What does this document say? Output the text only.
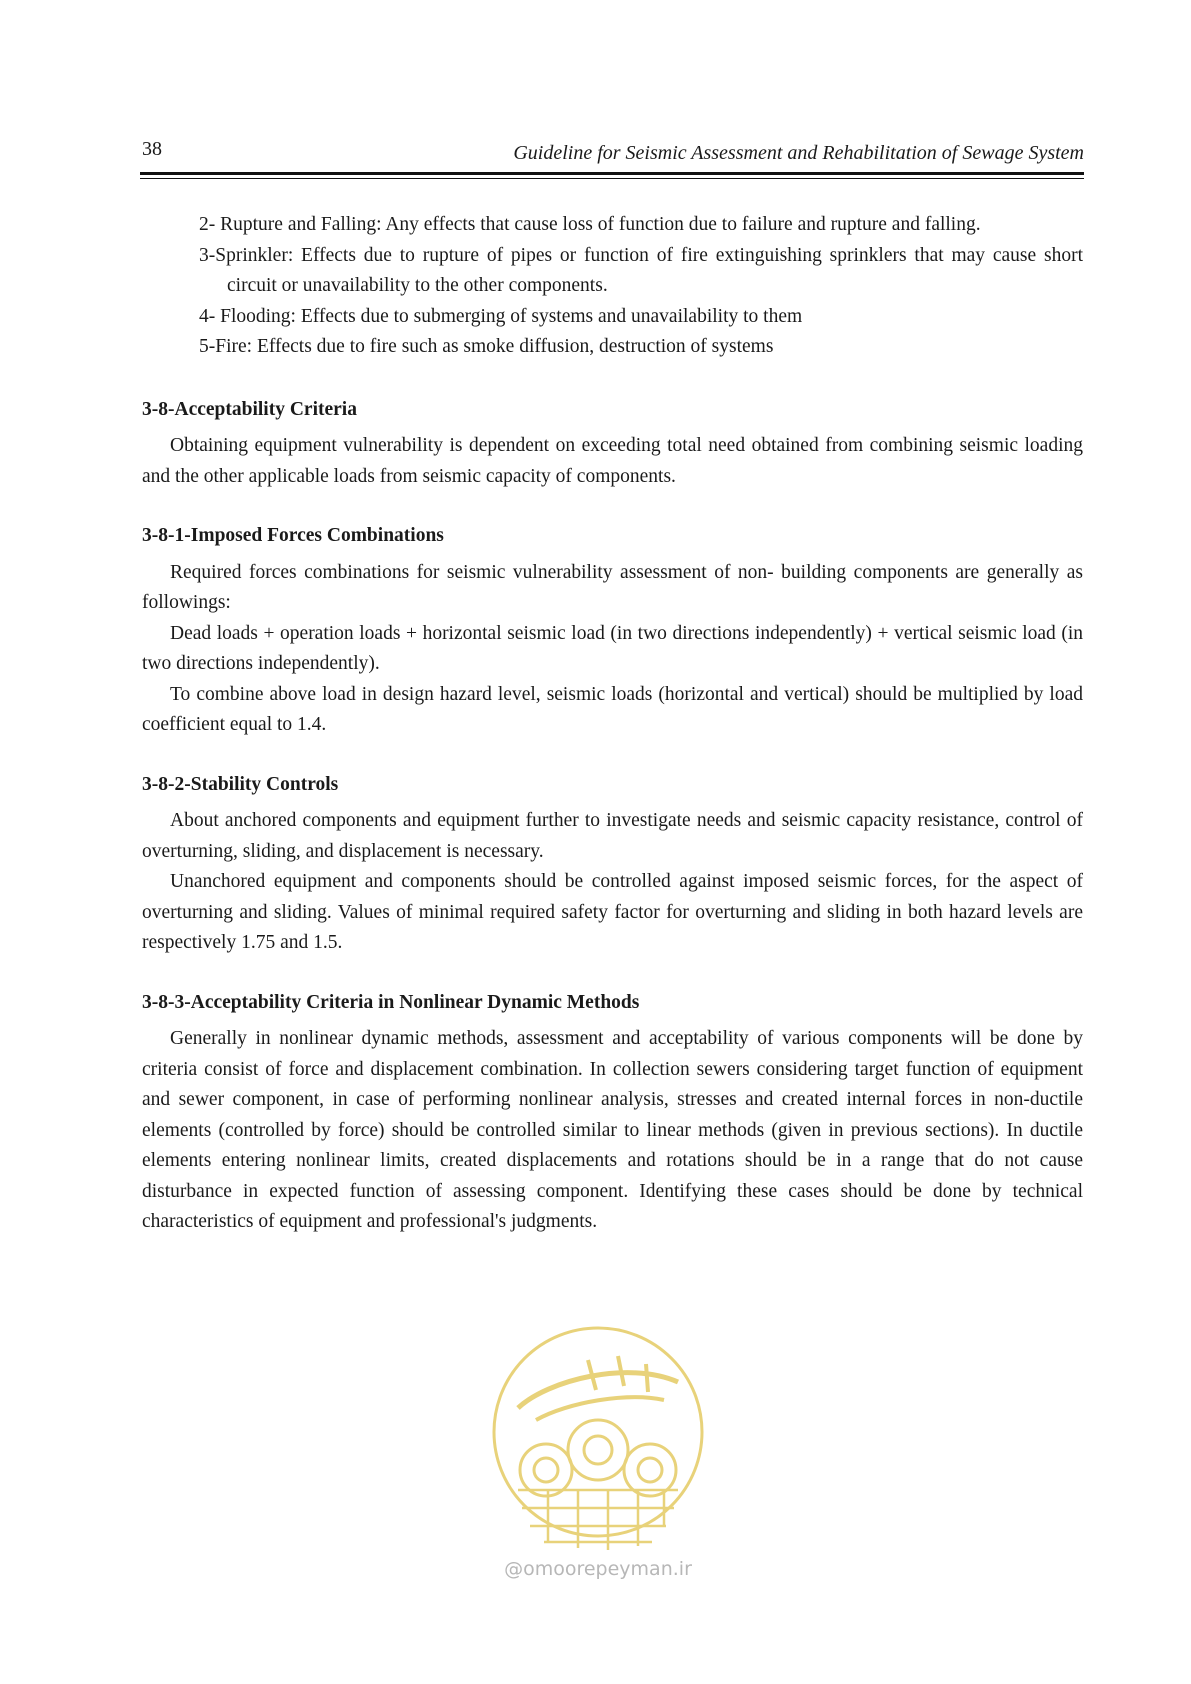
38	Guideline for Seismic Assessment and Rehabilitation of Sewage System
2- Rupture and Falling: Any effects that cause loss of function due to failure and rupture and falling.
3-Sprinkler: Effects due to rupture of pipes or function of fire extinguishing sprinklers that may cause short circuit or unavailability to the other components.
4- Flooding: Effects due to submerging of systems and unavailability to them
5-Fire: Effects due to fire such as smoke diffusion, destruction of systems
3-8-Acceptability Criteria

Obtaining equipment vulnerability is dependent on exceeding total need obtained from combining seismic loading and the other applicable loads from seismic capacity of components.

3-8-1-Imposed Forces Combinations

Required forces combinations for seismic vulnerability assessment of non- building components are generally as followings:

Dead loads + operation loads + horizontal seismic load (in two directions independently) + vertical seismic load (in two directions independently).

To combine above load in design hazard level, seismic loads (horizontal and vertical) should be multiplied by load coefficient equal to 1.4.

3-8-2-Stability Controls

About anchored components and equipment further to investigate needs and seismic capacity resistance, control of overturning, sliding, and displacement is necessary.

Unanchored equipment and components should be controlled against imposed seismic forces, for the aspect of overturning and sliding. Values of minimal required safety factor for overturning and sliding in both hazard levels are respectively 1.75 and 1.5.

3-8-3-Acceptability Criteria in Nonlinear Dynamic Methods

Generally in nonlinear dynamic methods, assessment and acceptability of various components will be done by criteria consist of force and displacement combination. In collection sewers considering target function of equipment and sewer component, in case of performing nonlinear analysis, stresses and created internal forces in non-ductile elements (controlled by force) should be controlled similar to linear methods (given in previous sections). In ductile elements entering nonlinear limits, created displacements and rotations should be in a range that do not cause disturbance in expected function of assessing component. Identifying these cases should be done by technical characteristics of equipment and professional's judgments.

@omoorepeyman.ir
